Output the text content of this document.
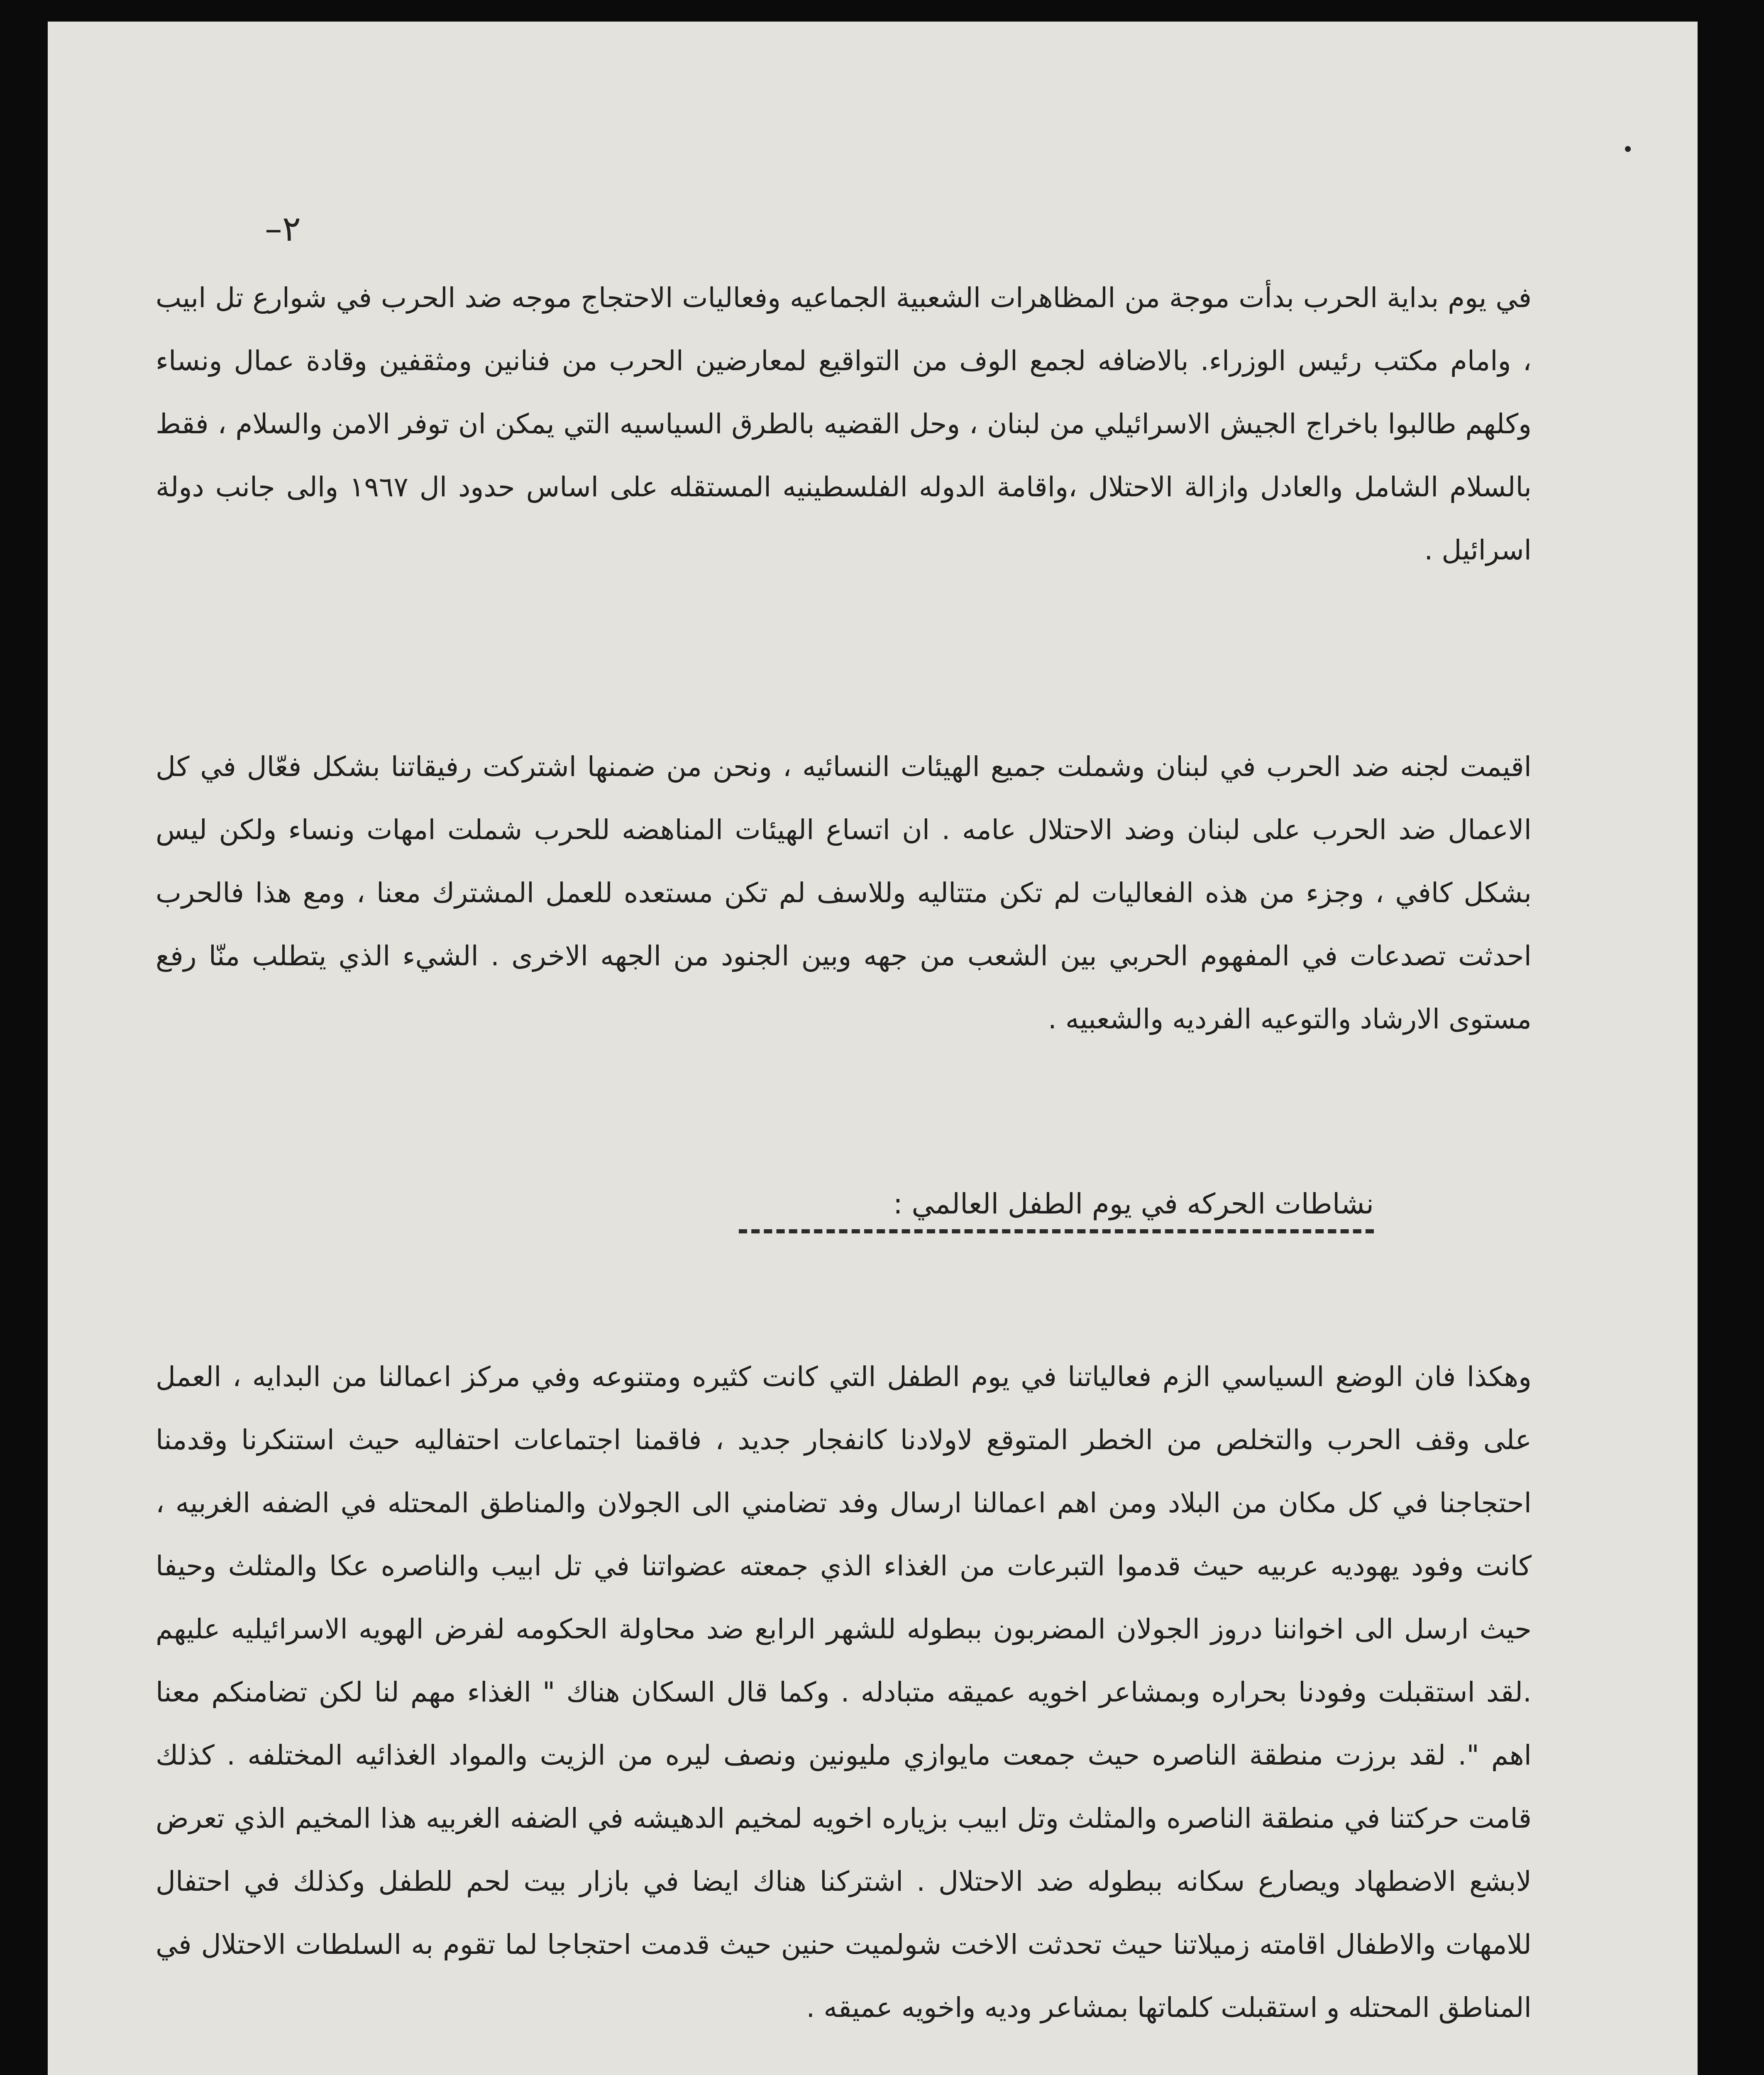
٢–

في يوم بداية الحرب بدأت موجة من المظاهرات الشعبية الجماعيه وفعاليات الاحتجاج موجه ضد الحرب في شوارع تل ابيب ، وامام مكتب رئيس الوزراء. بالاضافه لجمع الوف من التواقيع لمعارضين الحرب من فنانين ومثقفين وقادة عمال ونساء وكلهم طالبوا باخراج الجيش الاسرائيلي من لبنان ، وحل القضيه بالطرق السياسيه التي يمكن ان توفر الامن والسلام ، فقط بالسلام الشامل والعادل وازالة الاحتلال ،واقامة الدوله الفلسطينيه المستقله على اساس حدود ال ١٩٦٧ والى جانب دولة اسرائيل .

اقيمت لجنه ضد الحرب في لبنان وشملت جميع الهيئات النسائيه ، ونحن من ضمنها اشتركت رفيقاتنا بشكل فعّال في كل الاعمال ضد الحرب على لبنان وضد الاحتلال عامه . ان اتساع الهيئات المناهضه للحرب شملت امهات ونساء ولكن ليس بشكل كافي ، وجزء من هذه الفعاليات لم تكن متتاليه وللاسف لم تكن مستعده للعمل المشترك معنا ، ومع هذا فالحرب احدثت تصدعات في المفهوم الحربي بين الشعب من جهه وبين الجنود من الجهه الاخرى . الشيء الذي يتطلب منّا رفع مستوى الارشاد والتوعيه الفرديه والشعبيه .

نشاطات الحركه في يوم الطفل العالمي :

وهكذا فان الوضع السياسي الزم فعالياتنا في يوم الطفل التي كانت كثيره ومتنوعه وفي مركز اعمالنا من البدايه ، العمل على وقف الحرب والتخلص من الخطر المتوقع لاولادنا كانفجار جديد ، فاقمنا اجتماعات احتفاليه حيث استنكرنا وقدمنا احتجاجنا في كل مكان من البلاد ومن اهم اعمالنا ارسال وفد تضامني الى الجولان والمناطق المحتله في الضفه الغربيه ، كانت وفود يهوديه عربيه حيث قدموا التبرعات من الغذاء الذي جمعته عضواتنا في تل ابيب والناصره عكا والمثلث وحيفا حيث ارسل الى اخواننا دروز الجولان المضربون ببطوله للشهر الرابع ضد محاولة الحكومه لفرض الهويه الاسرائيليه عليهم .لقد استقبلت وفودنا بحراره وبمشاعر اخويه عميقه متبادله . وكما قال السكان هناك " الغذاء مهم لنا لكن تضامنكم معنا اهم ". لقد برزت منطقة الناصره حيث جمعت مايوازي مليونين ونصف ليره من الزيت والمواد الغذائيه المختلفه . كذلك قامت حركتنا في منطقة الناصره والمثلث وتل ابيب بزياره اخويه لمخيم الدهيشه في الضفه الغربيه هذا المخيم الذي تعرض لابشع الاضطهاد ويصارع سكانه ببطوله ضد الاحتلال . اشتركنا هناك ايضا في بازار بيت لحم للطفل وكذلك في احتفال للامهات والاطفال اقامته زميلاتنا حيث تحدثت الاخت شولميت حنين حيث قدمت احتجاجا لما تقوم به السلطات الاحتلال في المناطق المحتله و استقبلت كلماتها بمشاعر وديه واخويه عميقه .
